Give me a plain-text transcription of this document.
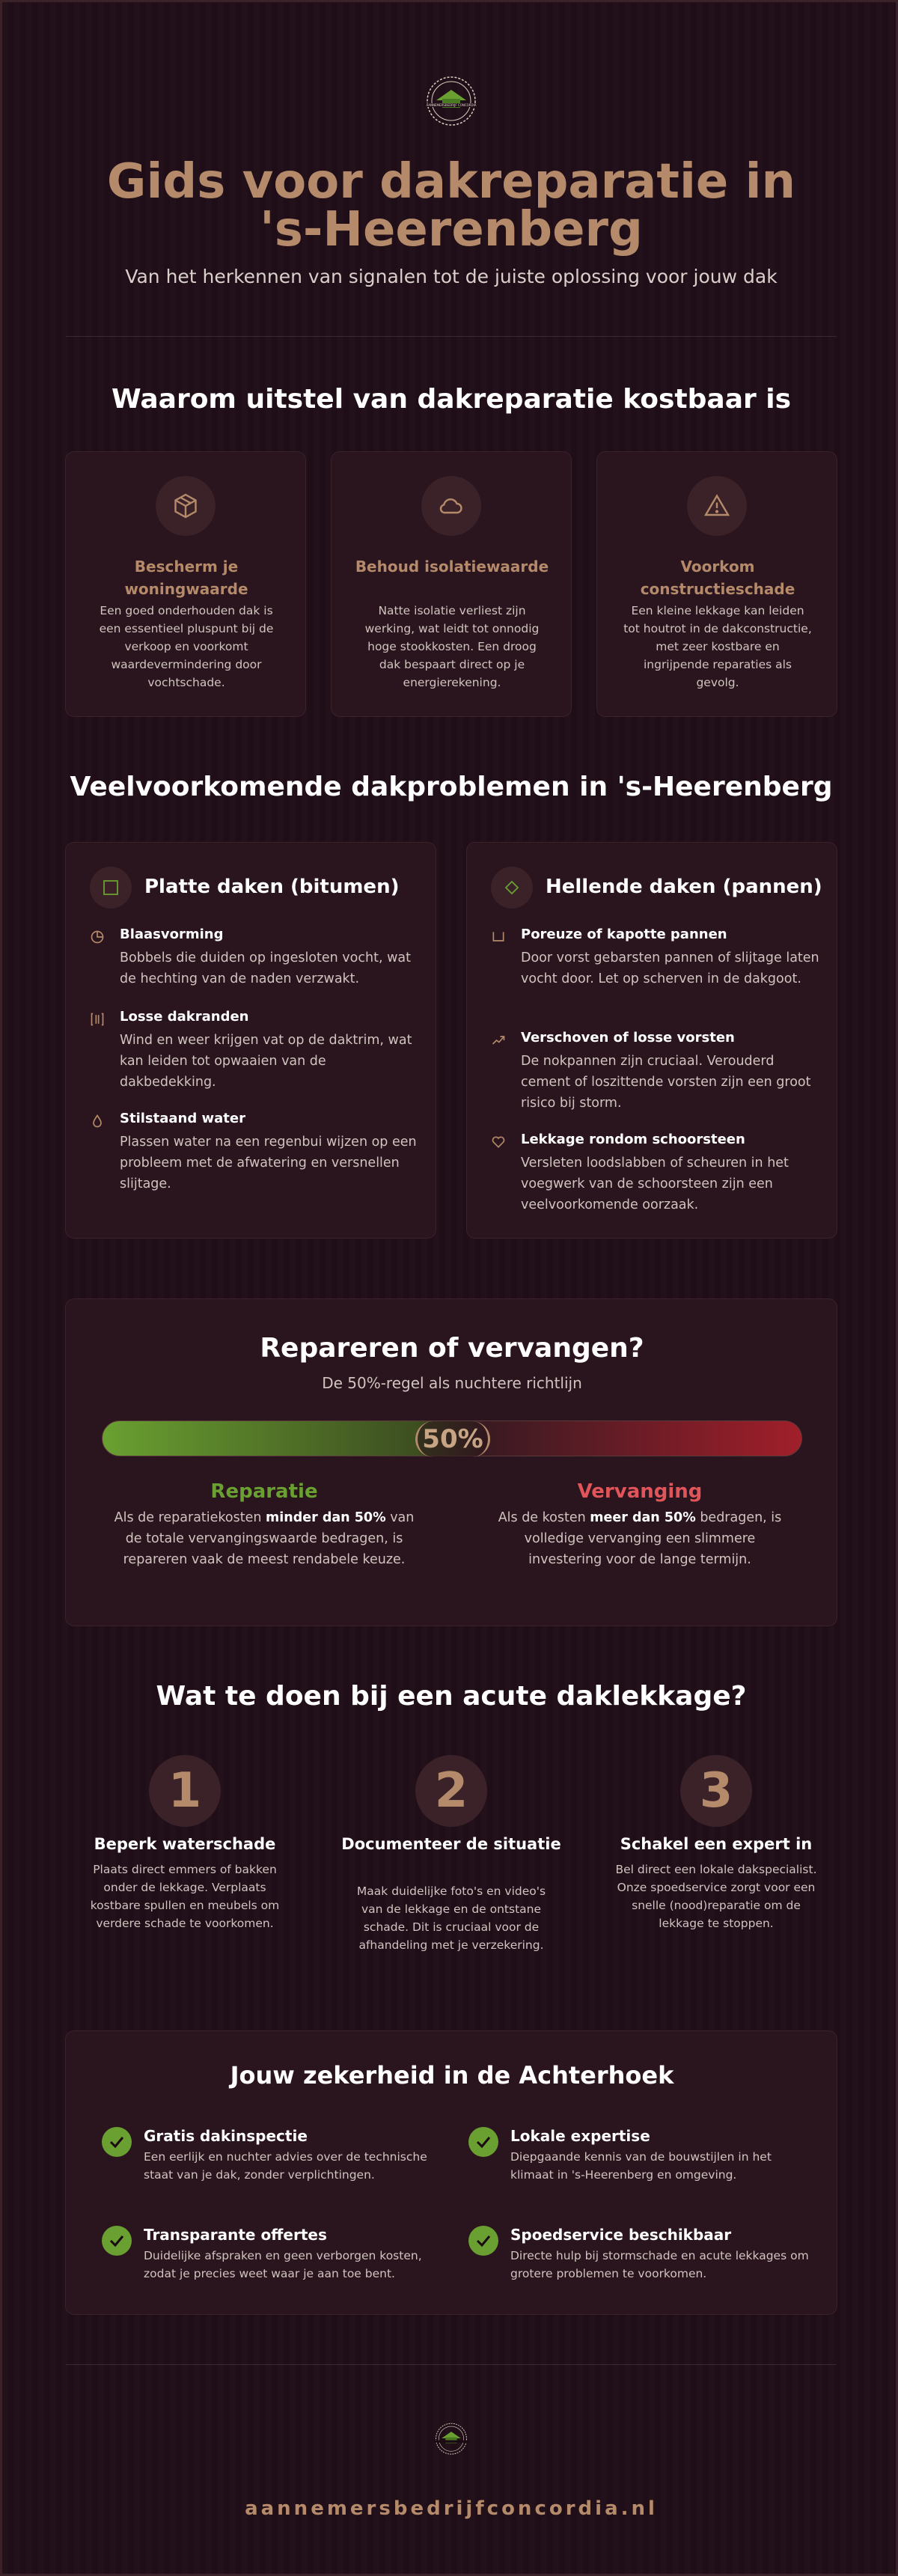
AANNEMERSBEDRIJF CONCORDIA
Gids voor dakreparatie in 's-Heerenberg
Van het herkennen van signalen tot de juiste oplossing voor jouw dak
Waarom uitstel van dakreparatie kostbaar is
Bescherm je woningwaarde

Een goed onderhouden dak is een essentieel pluspunt bij de verkoop en voorkomt waardevermindering door vochtschade.

Behoud isolatiewaarde

Natte isolatie verliest zijn werking, wat leidt tot onnodig hoge stookkosten. Een droog dak bespaart direct op je energierekening.

Voorkom constructieschade

Een kleine lekkage kan leiden tot houtrot in de dakconstructie, met zeer kostbare en ingrijpende reparaties als gevolg.

Veelvoorkomende dakproblemen in 's-Heerenberg
Platte daken (bitumen)
Blaasvorming

Bobbels die duiden op ingesloten vocht, wat de hechting van de naden verzwakt.

Losse dakranden

Wind en weer krijgen vat op de daktrim, wat kan leiden tot opwaaien van de dakbedekking.

Stilstaand water

Plassen water na een regenbui wijzen op een probleem met de afwatering en versnellen slijtage.

Hellende daken (pannen)
Poreuze of kapotte pannen

Door vorst gebarsten pannen of slijtage laten vocht door. Let op scherven in de dakgoot.

Verschoven of losse vorsten

De nokpannen zijn cruciaal. Verouderd cement of loszittende vorsten zijn een groot risico bij storm.

Lekkage rondom schoorsteen

Versleten loodslabben of scheuren in het voegwerk van de schoorsteen zijn een veelvoorkomende oorzaak.

Repareren of vervangen?
De 50%-regel als nuchtere richtlijn
50%
Reparatie

Als de reparatiekosten minder dan 50% van de totale vervangingswaarde bedragen, is repareren vaak de meest rendabele keuze.

Vervanging

Als de kosten meer dan 50% bedragen, is volledige vervanging een slimmere investering voor de lange termijn.

Wat te doen bij een acute daklekkage?
1
Beperk waterschade
Plaats direct emmers of bakken onder de lekkage. Verplaats kostbare spullen en meubels om verdere schade te voorkomen.
2
Documenteer de situatie
Maak duidelijke foto's en video's van de lekkage en de ontstane schade. Dit is cruciaal voor de afhandeling met je verzekering.
3
Schakel een expert in
Bel direct een lokale dakspecialist. Onze spoedservice zorgt voor een snelle (nood)reparatie om de lekkage te stoppen.
Jouw zekerheid in de Achterhoek
Gratis dakinspectie

Een eerlijk en nuchter advies over de technische staat van je dak, zonder verplichtingen.

Lokale expertise

Diepgaande kennis van de bouwstijlen in het klimaat in 's-Heerenberg en omgeving.

Transparante offertes

Duidelijke afspraken en geen verborgen kosten, zodat je precies weet waar je aan toe bent.

Spoedservice beschikbaar

Directe hulp bij stormschade en acute lekkages om grotere problemen te voorkomen.

aannemersbedrijfconcordia.nl
